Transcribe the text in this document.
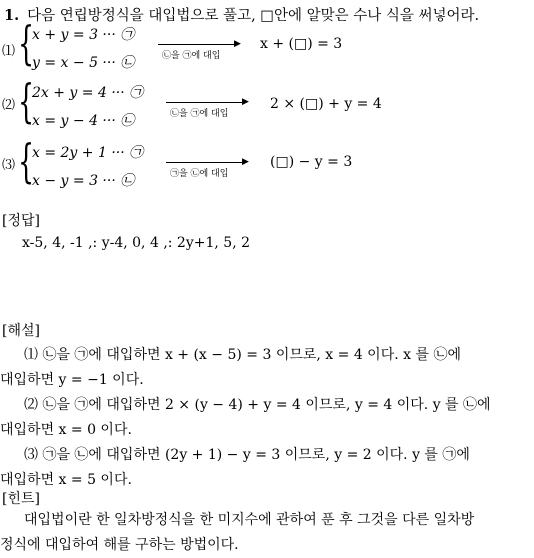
1. 다음 연립방정식을 대입법으로 풀고, □안에 알맞은 수나 식을 써넣어라.
⑴ {
x + y = 3 ··· ㉠
y = x − 5 ··· ㉡
▶
㉡을 ㉠에 대입
x + (□) = 3
⑵ {
2x + y = 4 ··· ㉠
x = y − 4 ··· ㉡
▶
㉡을 ㉠에 대입
2 × (□) + y = 4
⑶ {
x = 2y + 1 ··· ㉠
x − y = 3 ··· ㉡
▶
㉠을 ㉡에 대입
(□) − y = 3
[정답]
x-5, 4, -1 ,: y-4, 0, 4 ,: 2y+1, 5, 2
[해설]
⑴ ㉡을 ㉠에 대입하면 x + (x − 5) = 3 이므로, x = 4 이다. x 를 ㉡에
대입하면 y = −1 이다.
⑵ ㉡을 ㉠에 대입하면 2 × (y − 4) + y = 4 이므로, y = 4 이다. y 를 ㉡에
대입하면 x = 0 이다.
⑶ ㉠을 ㉡에 대입하면 (2y + 1) − y = 3 이므로, y = 2 이다. y 를 ㉠에
대입하면 x = 5 이다.
[힌트]
대입법이란 한 일차방정식을 한 미지수에 관하여 푼 후 그것을 다른 일차방
정식에 대입하여 해를 구하는 방법이다.
